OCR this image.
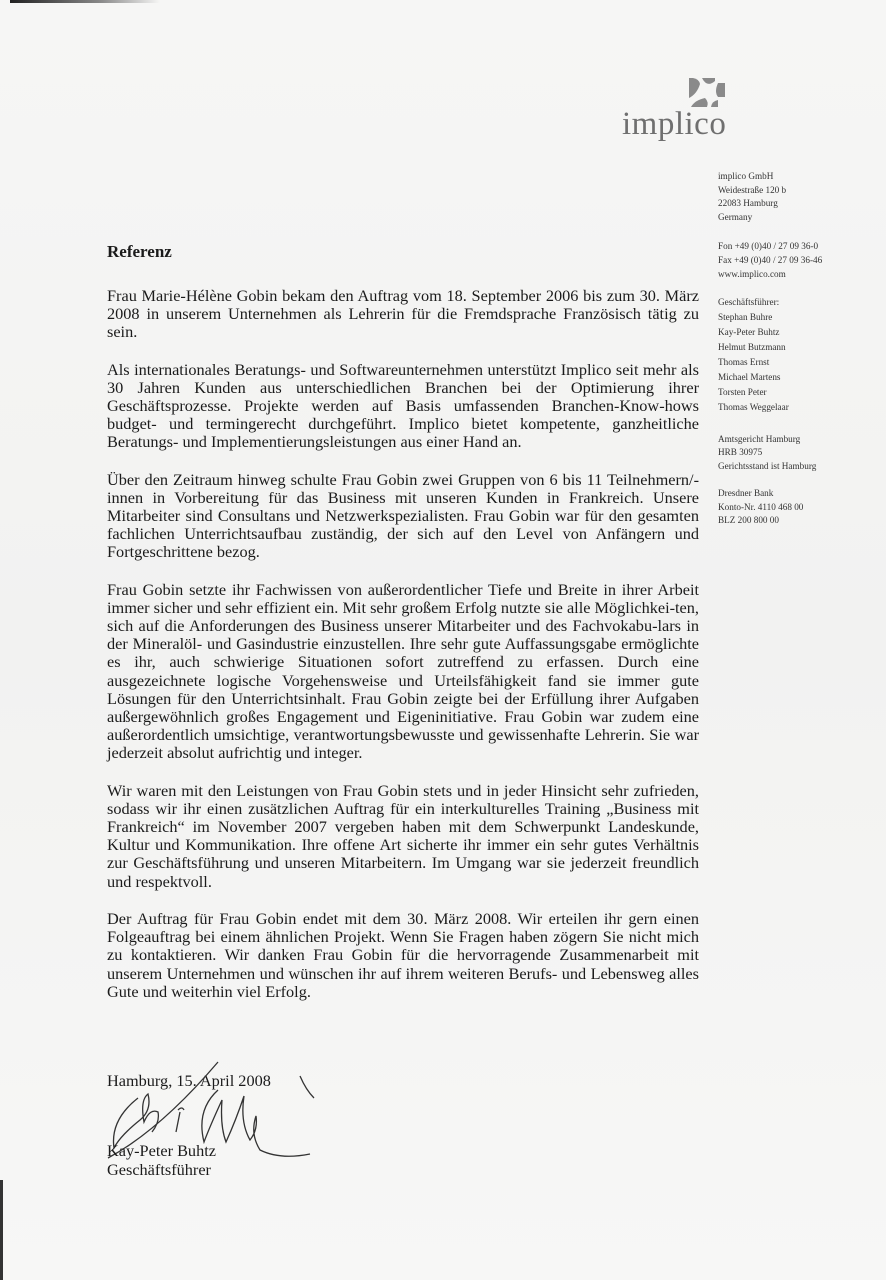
implico
implico GmbH
Weidestraße 120 b
22083 Hamburg
Germany
Fon +49 (0)40 / 27 09 36-0
Fax +49 (0)40 / 27 09 36-46
www.implico.com
Geschäftsführer:
Stephan Buhre
Kay-Peter Buhtz
Helmut Butzmann
Thomas Ernst
Michael Martens
Torsten Peter
Thomas Weggelaar
Amtsgericht Hamburg
HRB 30975
Gerichtsstand ist Hamburg
Dresdner Bank
Konto-Nr. 4110 468 00
BLZ 200 800 00
Referenz

Frau Marie-Hélène Gobin bekam den Auftrag vom 18. September 2006 bis zum 30. März 2008 in unserem Unternehmen als Lehrerin für die Fremdsprache Französisch tätig zu sein.

Als internationales Beratungs- und Softwareunternehmen unterstützt Implico seit mehr als 30 Jahren Kunden aus unterschiedlichen Branchen bei der Optimierung ihrer Geschäftsprozesse. Projekte werden auf Basis umfassenden Branchen-Know-hows budget- und termingerecht durchgeführt. Implico bietet kompetente, ganzheitliche Beratungs- und Implementierungsleistungen aus einer Hand an.

Über den Zeitraum hinweg schulte Frau Gobin zwei Gruppen von 6 bis 11 Teilnehmern/-innen in Vorbereitung für das Business mit unseren Kunden in Frankreich. Unsere Mitarbeiter sind Consultans und Netzwerkspezialisten. Frau Gobin war für den gesamten fachlichen Unterrichtsaufbau zuständig, der sich auf den Level von Anfängern und Fortgeschrittene bezog.

Frau Gobin setzte ihr Fachwissen von außerordentlicher Tiefe und Breite in ihrer Arbeit immer sicher und sehr effizient ein. Mit sehr großem Erfolg nutzte sie alle Möglichkei-ten, sich auf die Anforderungen des Business unserer Mitarbeiter und des Fachvokabu-lars in der Mineralöl- und Gasindustrie einzustellen. Ihre sehr gute Auffassungsgabe ermöglichte es ihr, auch schwierige Situationen sofort zutreffend zu erfassen. Durch eine ausgezeichnete logische Vorgehensweise und Urteilsfähigkeit fand sie immer gute Lösungen für den Unterrichtsinhalt. Frau Gobin zeigte bei der Erfüllung ihrer Aufgaben außergewöhnlich großes Engagement und Eigeninitiative. Frau Gobin war zudem eine außerordentlich umsichtige, verantwortungsbewusste und gewissenhafte Lehrerin. Sie war jederzeit absolut aufrichtig und integer.

Wir waren mit den Leistungen von Frau Gobin stets und in jeder Hinsicht sehr zufrieden, sodass wir ihr einen zusätzlichen Auftrag für ein interkulturelles Training „Business mit Frankreich“ im November 2007 vergeben haben mit dem Schwerpunkt Landeskunde, Kultur und Kommunikation. Ihre offene Art sicherte ihr immer ein sehr gutes Verhältnis zur Geschäftsführung und unseren Mitarbeitern. Im Umgang war sie jederzeit freundlich und respektvoll.

Der Auftrag für Frau Gobin endet mit dem 30. März 2008. Wir erteilen ihr gern einen Folgeauftrag bei einem ähnlichen Projekt. Wenn Sie Fragen haben zögern Sie nicht mich zu kontaktieren. Wir danken Frau Gobin für die hervorragende Zusammenarbeit mit unserem Unternehmen und wünschen ihr auf ihrem weiteren Berufs- und Lebensweg alles Gute und weiterhin viel Erfolg.

Hamburg, 15. April 2008
Kay-Peter Buhtz
Geschäftsführer
